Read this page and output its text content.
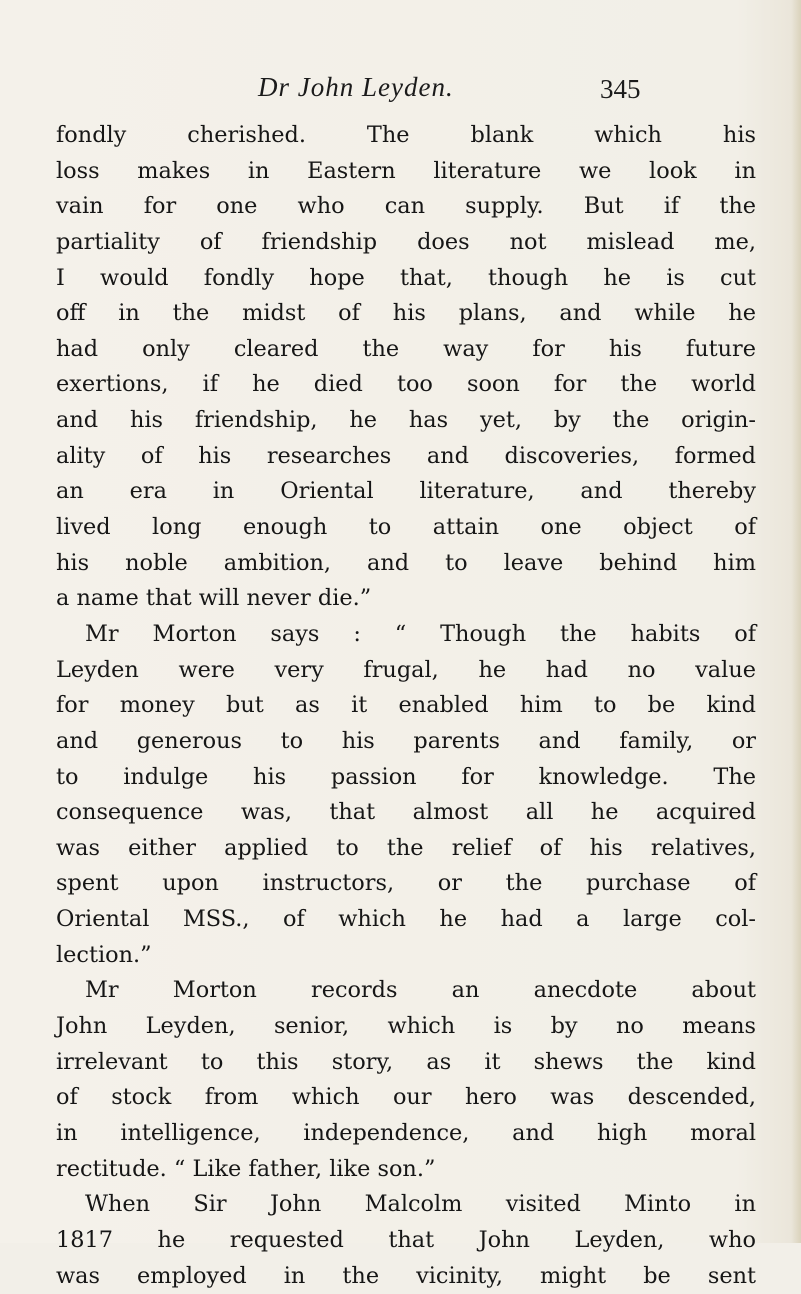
Dr John Leyden.	345
fondly cherished. The blank which his
loss makes in Eastern literature we look in
vain for one who can supply. But if the
partiality of friendship does not mislead me,
I would fondly hope that, though he is cut
off in the midst of his plans, and while he
had only cleared the way for his future
exertions, if he died too soon for the world
and his friendship, he has yet, by the origin-
ality of his researches and discoveries, formed
an era in Oriental literature, and thereby
lived long enough to attain one object of
his noble ambition, and to leave behind him
a name that will never die.”
Mr Morton says : “ Though the habits of
Leyden were very frugal, he had no value
for money but as it enabled him to be kind
and generous to his parents and family, or
to indulge his passion for knowledge. The
consequence was, that almost all he acquired
was either applied to the relief of his relatives,
spent upon instructors, or the purchase of
Oriental MSS., of which he had a large col-
lection.”
Mr Morton records an anecdote about
John Leyden, senior, which is by no means
irrelevant to this story, as it shews the kind
of stock from which our hero was descended,
in intelligence, independence, and high moral
rectitude. “ Like father, like son.”
When Sir John Malcolm visited Minto in
1817 he requested that John Leyden, who
was employed in the vicinity, might be sent
